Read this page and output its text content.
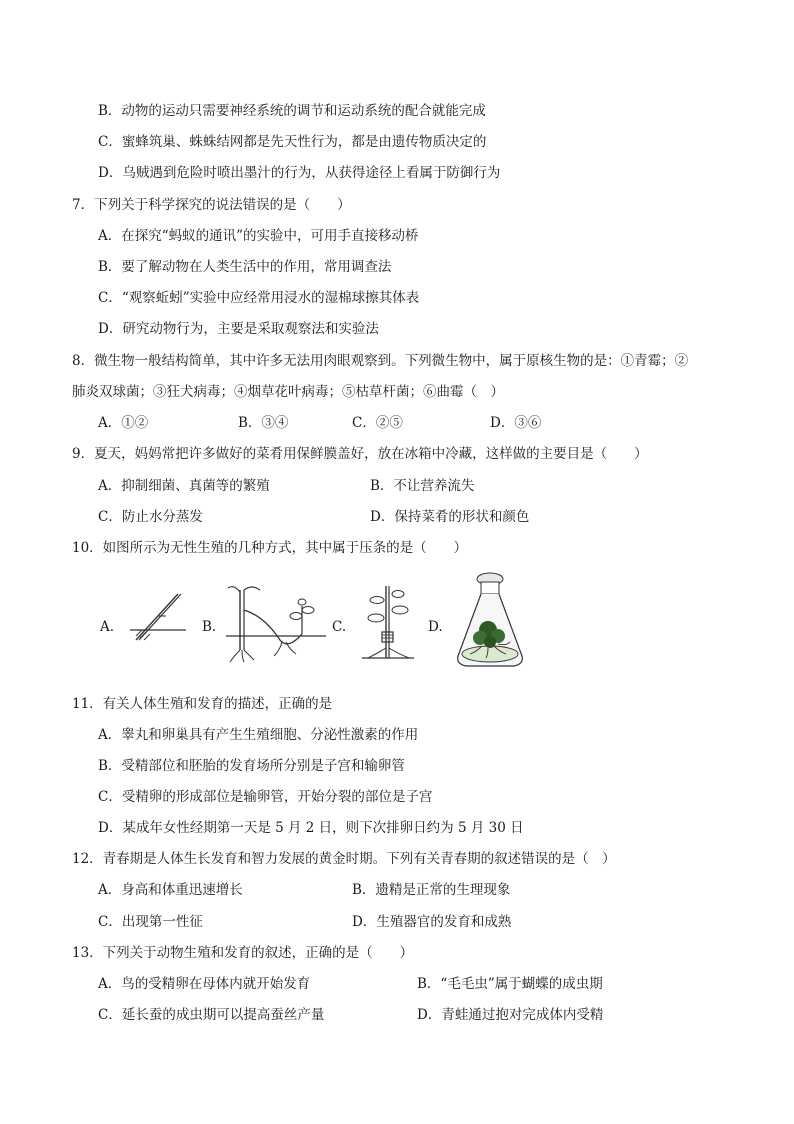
B．动物的运动只需要神经系统的调节和运动系统的配合就能完成
C．蜜蜂筑巢、蛛蛛结网都是先天性行为，都是由遗传物质决定的
D．乌贼遇到危险时喷出墨汁的行为，从获得途径上看属于防御行为
7．下列关于科学探究的说法错误的是（　　）
A．在探究“蚂蚁的通讯”的实验中，可用手直接移动桥
B．要了解动物在人类生活中的作用，常用调查法
C．“观察蚯蚓”实验中应经常用浸水的湿棉球擦其体表
D．研究动物行为，主要是采取观察法和实验法
8．微生物一般结构简单，其中许多无法用肉眼观察到。下列微生物中，属于原核生物的是：①青霉；②
肺炎双球菌；③狂犬病毒；④烟草花叶病毒；⑤枯草杆菌；⑥曲霉（　）
A．①②	B．③④	C．②⑤	D．③⑥
9．夏天，妈妈常把许多做好的菜肴用保鲜膜盖好，放在冰箱中冷藏，这样做的主要目是（　　）
A．抑制细菌、真菌等的繁殖	B．不让营养流失
C．防止水分蒸发	D．保持菜肴的形状和颜色
10．如图所示为无性生殖的几种方式，其中属于压条的是（　　）
A.	B.	C.	D.
11．有关人体生殖和发育的描述，正确的是
A．睾丸和卵巢具有产生生殖细胞、分泌性激素的作用
B．受精部位和胚胎的发育场所分别是子宫和输卵管
C．受精卵的形成部位是输卵管，开始分裂的部位是子宫
D．某成年女性经期第一天是 5 月 2 日，则下次排卵日约为 5 月 30 日
12．青春期是人体生长发育和智力发展的黄金时期。下列有关青春期的叙述错误的是（　）
A．身高和体重迅速增长	B．遗精是正常的生理现象
C．出现第一性征	D．生殖器官的发育和成熟
13．下列关于动物生殖和发育的叙述，正确的是（　　）
A．鸟的受精卵在母体内就开始发育	B．“毛毛虫”属于蝴蝶的成虫期
C．延长蚕的成虫期可以提高蚕丝产量	D．青蛙通过抱对完成体内受精
